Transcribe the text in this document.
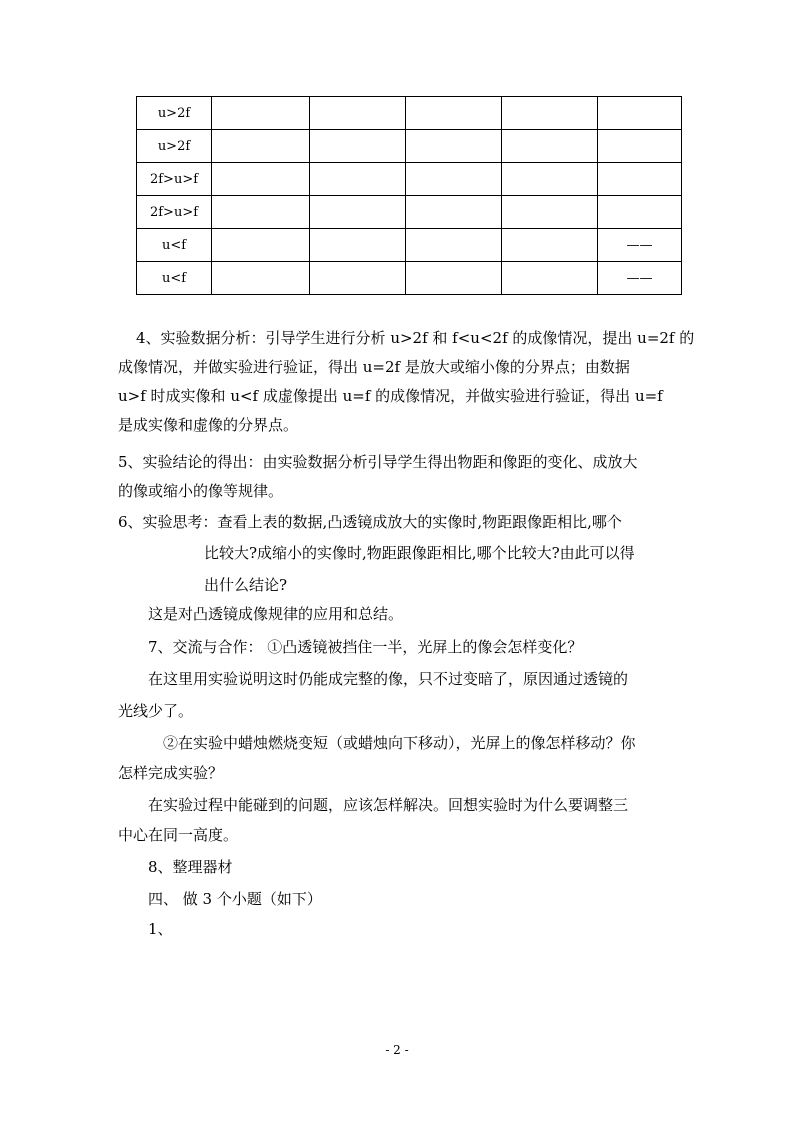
u>2f					
u>2f					
2f>u>f					
2f>u>f					
u<f					——
u<f					——
4、实验数据分析：引导学生进行分析 u>2f 和 f<u<2f 的成像情况，提出 u=2f 的
成像情况，并做实验进行验证，得出 u=2f 是放大或缩小像的分界点；由数据
u>f 时成实像和 u<f 成虚像提出 u=f 的成像情况，并做实验进行验证，得出 u=f
是成实像和虚像的分界点。
5、实验结论的得出：由实验数据分析引导学生得出物距和像距的变化、成放大
的像或缩小的像等规律。
6、实验思考：查看上表的数据,凸透镜成放大的实像时,物距跟像距相比,哪个
比较大?成缩小的实像时,物距跟像距相比,哪个比较大?由此可以得
出什么结论?
这是对凸透镜成像规律的应用和总结。
7、交流与合作： ①凸透镜被挡住一半，光屏上的像会怎样变化？
在这里用实验说明这时仍能成完整的像，只不过变暗了，原因通过透镜的
光线少了。
②在实验中蜡烛燃烧变短（或蜡烛向下移动），光屏上的像怎样移动？你
怎样完成实验？
在实验过程中能碰到的问题，应该怎样解决。回想实验时为什么要调整三
中心在同一高度。
8、整理器材
四、 做 3 个小题（如下）
1、
- 2 -
